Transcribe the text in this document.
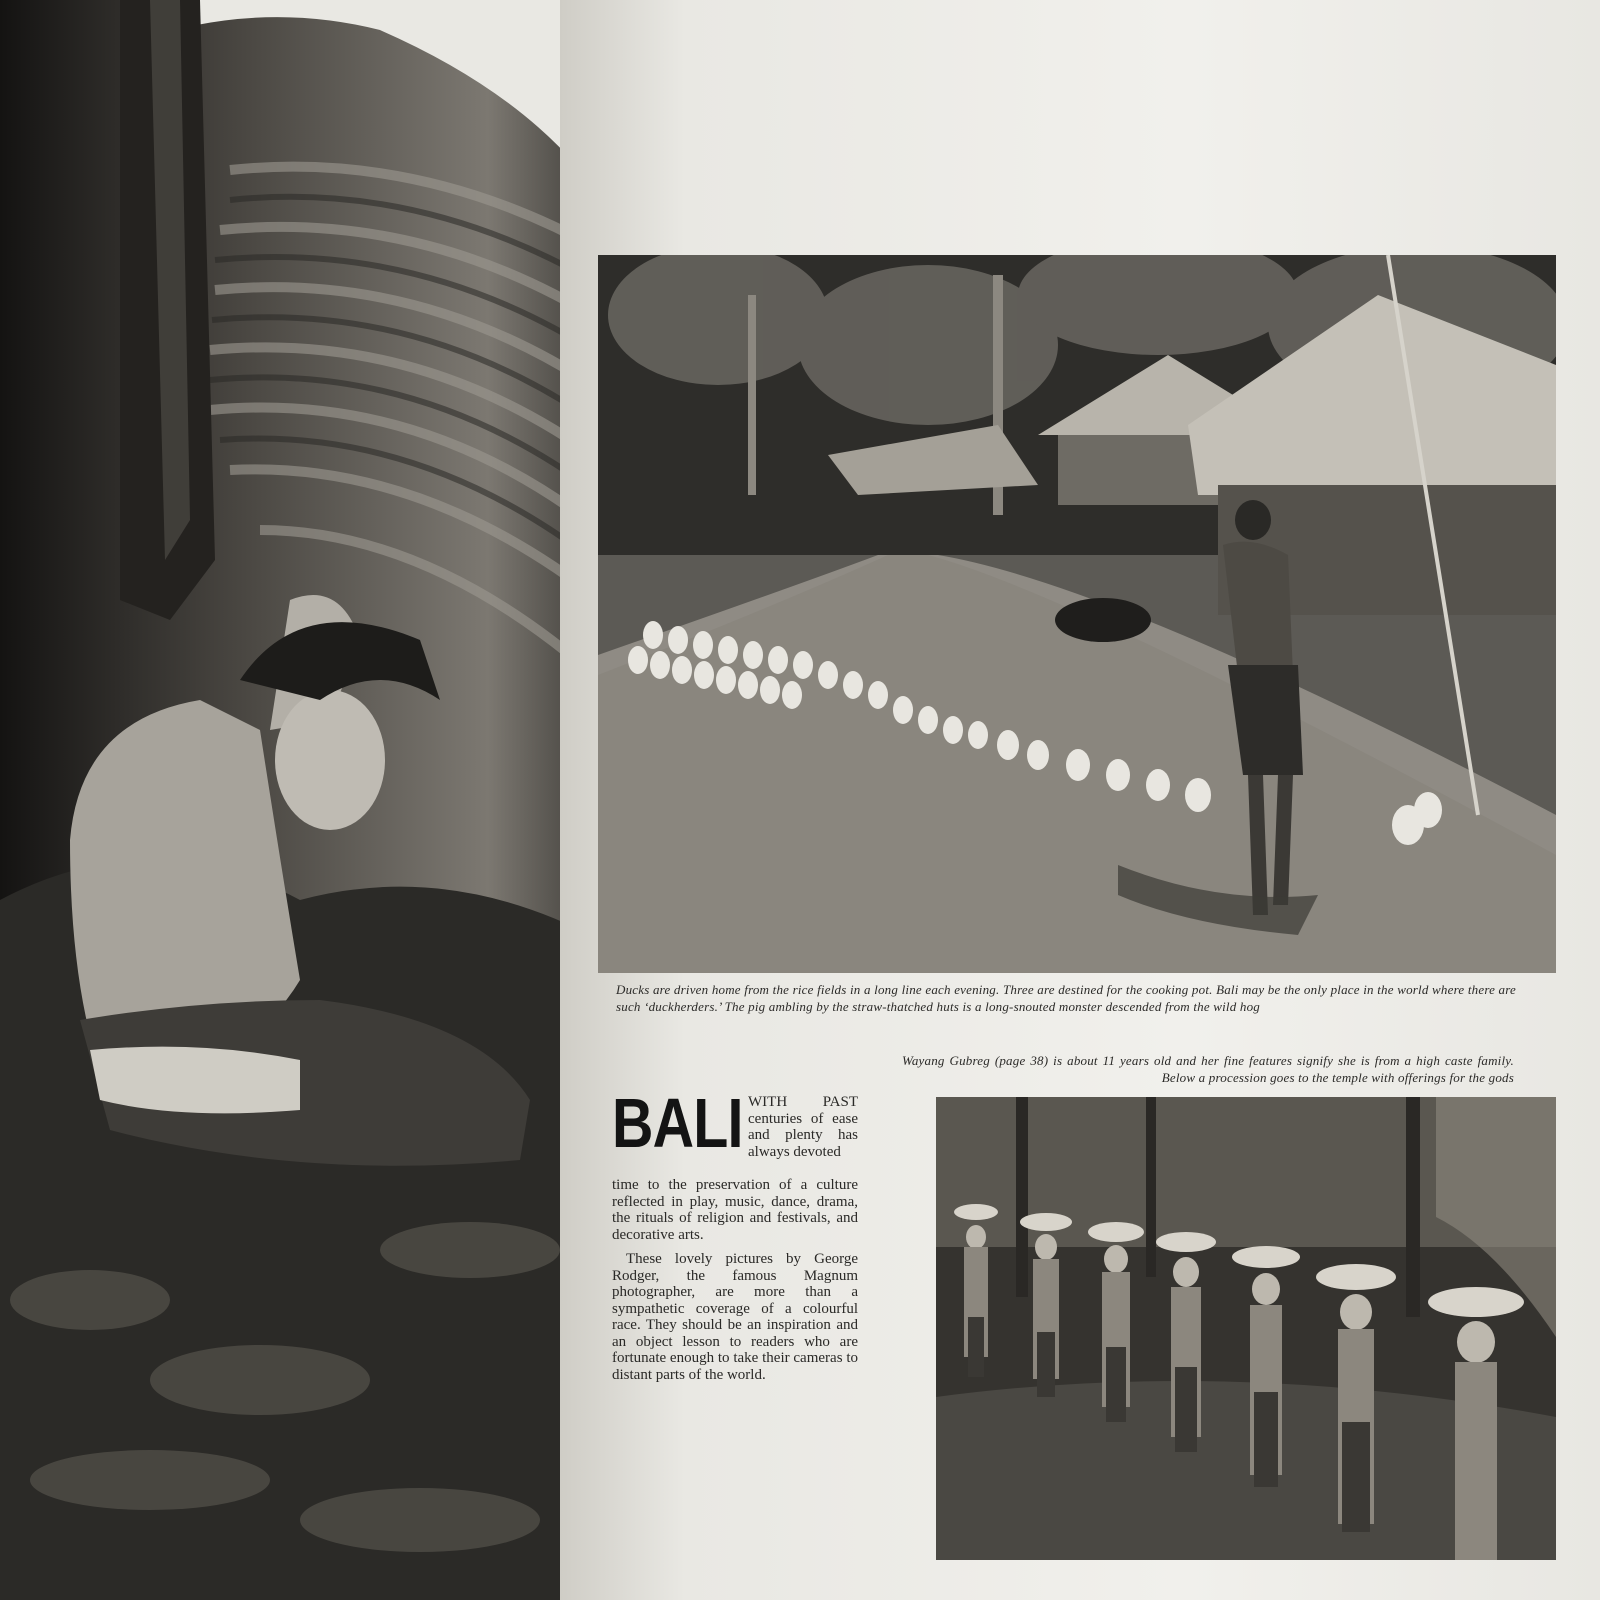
Ducks are driven home from the rice fields in a long line each evening. Three are destined for the cooking pot. Bali may be the only place in the world where there are such ‘duckherders.’ The pig ambling by the straw-thatched huts is a long-snouted monster descended from the wild hog
Wayang Gubreg (page 38) is about 11 years old and her fine features signify she is from a high caste family. Below a procession goes to the temple with offerings for the gods
BALI WITH PAST centuries of ease and plenty has always devoted
time to the preservation of a culture reflected in play, music, dance, drama, the rituals of religion and festivals, and decorative arts.
These lovely pictures by George Rodger, the famous Magnum photographer, are more than a sympathetic coverage of a colourful race. They should be an inspiration and an object lesson to readers who are fortunate enough to take their cameras to distant parts of the world.
